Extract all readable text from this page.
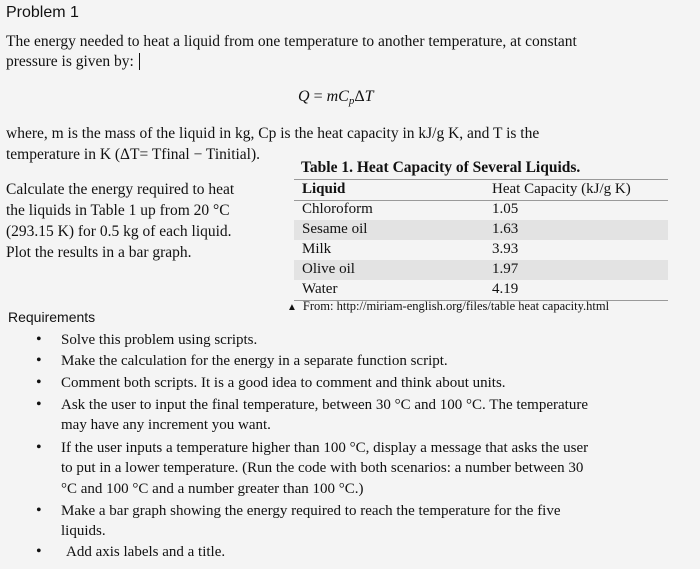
Problem 1
The energy needed to heat a liquid from one temperature to another temperature, at constant
pressure is given by:
$Q = mC_p\Delta T$
where, m is the mass of the liquid in kg, Cp is the heat capacity in kJ/g K, and T is the
temperature in K (ΔT= Tfinal − Tinitial).
Calculate the energy required to heat
the liquids in Table 1 up from 20 °C
(293.15 K) for 0.5 kg of each liquid.
Plot the results in a bar graph.
Table 1. Heat Capacity of Several Liquids.
Liquid	Heat Capacity (kJ/g K)
Chloroform	1.05
Sesame oil	1.63
Milk	3.93
Olive oil	1.97
Water	4.19
▲ From: http://miriam-english.org/files/table heat capacity.html
Requirements
• Solve this problem using scripts.
• Make the calculation for the energy in a separate function script.
• Comment both scripts. It is a good idea to comment and think about units.
• Ask the user to input the final temperature, between 30 °C and 100 °C. The temperature
may have any increment you want.
• If the user inputs a temperature higher than 100 °C, display a message that asks the user
to put in a lower temperature. (Run the code with both scenarios: a number between 30
°C and 100 °C and a number greater than 100 °C.)
• Make a bar graph showing the energy required to reach the temperature for the five
liquids.
• Add axis labels and a title.
